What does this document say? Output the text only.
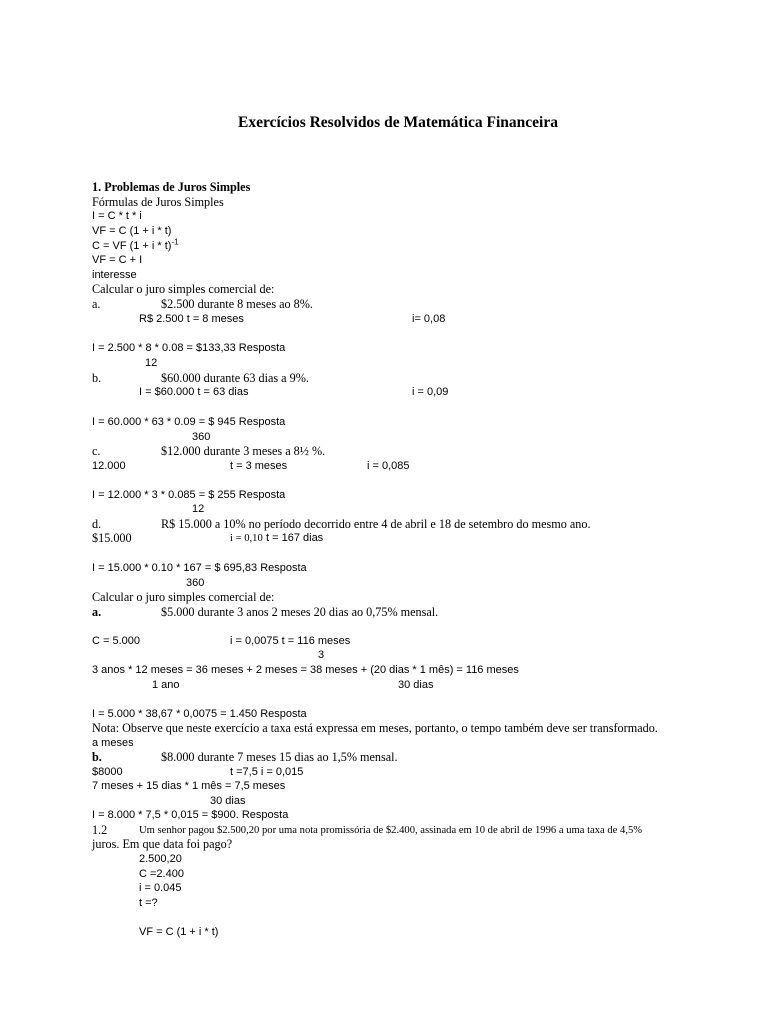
Exercícios Resolvidos de Matemática Financeira
1. Problemas de Juros Simples
Fórmulas de Juros Simples
I = C * t * i
VF = C (1 + i * t)
C = VF $(1 + i * t)^{-1}$
VF = C + I
interesse
Calcular o juro simples comercial de:
a.	$2.500 durante 8 meses ao 8%.
R$ 2.500 t = 8 meses	i= 0,08
I = 2.500 * 8 * 0.08 = $133,33 Resposta
12
b.	$60.000 durante 63 dias a 9%.
I = $60.000 t = 63 dias	i = 0,09
I = 60.000 * 63 * 0.09 = $ 945 Resposta
360
c.	$12.000 durante 3 meses a 8½ %.
12.000	t = 3 meses	i = 0,085
I = 12.000 * 3 * 0.085 = $ 255 Resposta
12
d.	R$ 15.000 a 10% no período decorrido entre 4 de abril e 18 de setembro do mesmo ano.
$15.000	i = 0,10 t = 167 dias
I = 15.000 * 0.10 * 167 = $ 695,83 Resposta
360
Calcular o juro simples comercial de:
a.	$5.000 durante 3 anos 2 meses 20 dias ao 0,75% mensal.
C = 5.000	i = 0,0075 t = 116 meses
3
3 anos * 12 meses = 36 meses + 2 meses = 38 meses + (20 dias * 1 mês) = 116 meses
1 ano	30 dias
I = 5.000 * 38,67 * 0,0075 = 1.450 Resposta
Nota: Observe que neste exercício a taxa está expressa em meses, portanto, o tempo também deve ser transformado.
a meses
b.	$8.000 durante 7 meses 15 dias ao 1,5% mensal.
$8000	t =7,5 i = 0,015
7 meses + 15 dias * 1 mês = 7,5 meses
30 dias
I = 8.000 * 7,5 * 0,015 = $900. Resposta
1.2	Um senhor pagou $2.500,20 por uma nota promissória de $2.400, assinada em 10 de abril de 1996 a uma taxa de 4,5%
juros. Em que data foi pago?
2.500,20
C =2.400
i = 0.045
t =?
VF = C (1 + i * t)
